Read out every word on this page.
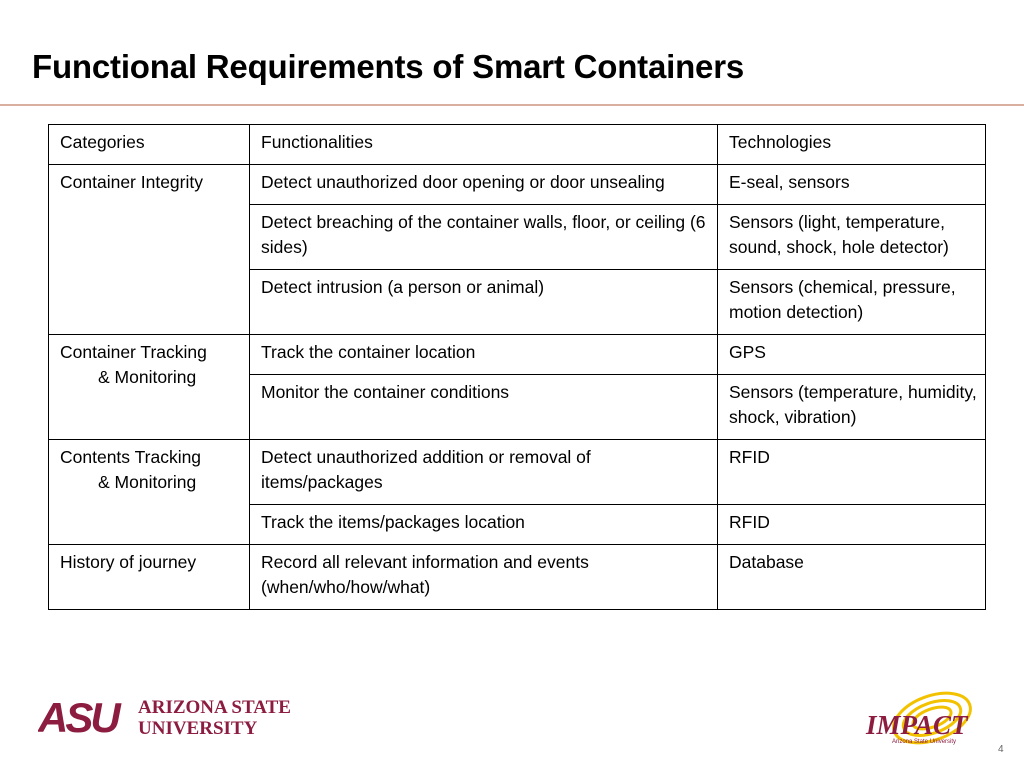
Functional Requirements of Smart Containers
Categories	Functionalities	Technologies
Container Integrity	Detect unauthorized door opening or door unsealing	E-seal, sensors
	Detect breaching of the container walls, floor, or ceiling (6 sides)	Sensors (light, temperature, sound, shock, hole detector)
	Detect intrusion (a person or animal)	Sensors (chemical, pressure, motion detection)
Container Tracking
& Monitoring	Track the container location	GPS
	Monitor the container conditions	Sensors (temperature, humidity, shock, vibration)
Contents Tracking
& Monitoring	Detect unauthorized addition or removal of items/packages	RFID
	Track the items/packages location	RFID
History of journey	Record all relevant information and events (when/who/how/what)	Database
ASU ARIZONA STATE
UNIVERSITY	IMPACT
Arizona State University
4
